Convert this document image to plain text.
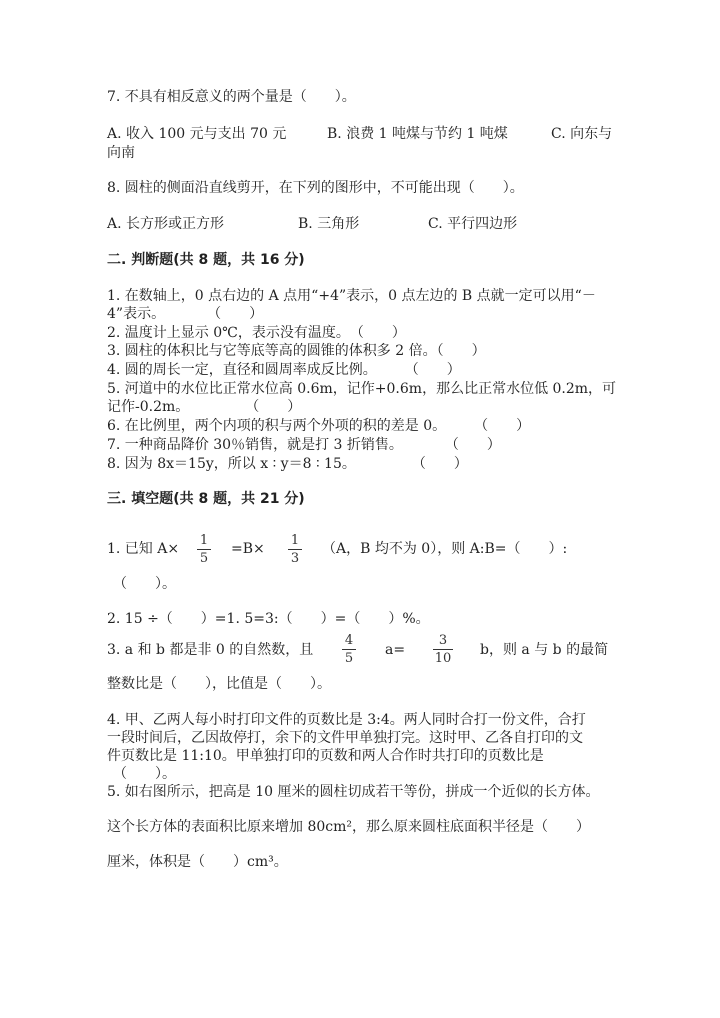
7. 不具有相反意义的两个量是（　　）。
A. 收入 100 元与支出 70 元	B. 浪费 1 吨煤与节约 1 吨煤	C. 向东与
向南
8. 圆柱的侧面沿直线剪开，在下列的图形中，不可能出现（　　）。
A. 长方形或正方形	B. 三角形	C. 平行四边形
二. 判断题(共 8 题，共 16 分)
1. 在数轴上，0 点右边的 A 点用“+4”表示，0 点左边的 B 点就一定可以用“－
4”表示。　　　　（　　）
2. 温度计上显示 0℃，表示没有温度。　（　　）
3. 圆柱的体积比与它等底等高的圆锥的体积多 2 倍。（　　）
4. 圆的周长一定，直径和圆周率成反比例。　　　（　　）
5. 河道中的水位比正常水位高 0.6m，记作+0.6m，那么比正常水位低 0.2m，可
记作-0.2m。　　　　　（　　）
6. 在比例里，两个内项的积与两个外项的积的差是 0。　　　（　　）
7. 一种商品降价 30％销售，就是打 3 折销售。　　　　（　　）
8. 因为 8x＝15y，所以 x ∶ y＝8 ∶ 15。　　　　　（　　）
三. 填空题(共 8 题，共 21 分)
1. 已知 A×
1
5
=B×
1
3
（A，B 均不为 0），则 A:B=（　　）:
（　　）。
2. 15 ÷（　　）=1. 5=3:（　　）=（　　）%。
3. a 和 b 都是非 0 的自然数，且
4
5
a=
3
10
b，则 a 与 b 的最简
整数比是（　　），比值是（　　）。
4. 甲、乙两人每小时打印文件的页数比是 3:4。两人同时合打一份文件，合打
一段时间后，乙因故停打，余下的文件甲单独打完。这时甲、乙各自打印的文
件页数比是 11:10。甲单独打印的页数和两人合作时共打印的页数比是
（　　）。
5. 如右图所示，把高是 10 厘米的圆柱切成若干等份，拼成一个近似的长方体。
这个长方体的表面积比原来增加 80cm²，那么原来圆柱底面积半径是（　　）
厘米，体积是（　　）cm³。
